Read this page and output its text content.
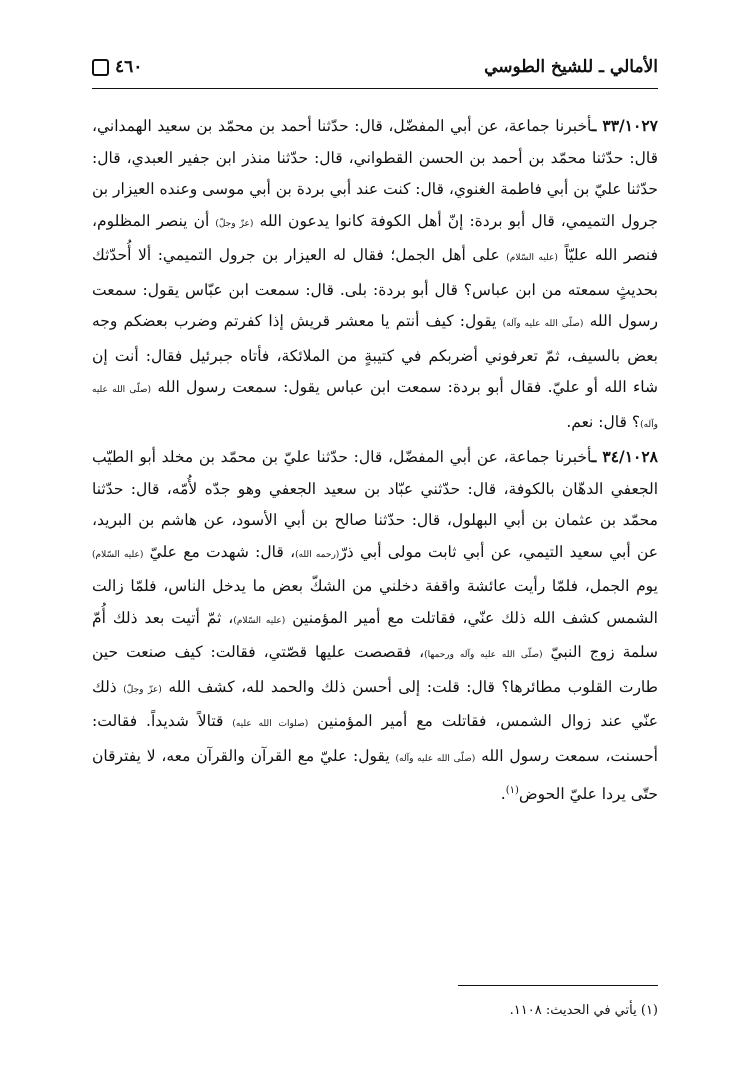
الأمالي ـ للشيخ الطوسي
٤٦٠

٣٣/١٠٢٧ ـأخبرنا جماعة، عن أبي المفضّل، قال: حدّثنا أحمد بن محمّد بن سعيد الهمداني، قال: حدّثنا محمّد بن أحمد بن الحسن القطواني، قال: حدّثنا منذر ابن جفير العبدي، قال: حدّثنا عليّ بن أبي فاطمة الغنوي، قال: كنت عند أبي بردة بن أبي موسى وعنده العيزار بن جرول التميمي، قال أبو بردة: إنّ أهل الكوفة كانوا يدعون الله (عزّ وجلّ) أن ينصر المظلوم، فنصر الله عليّاً (عليه السّلام) على أهل الجمل؛ فقال له العيزار بن جرول التميمي: ألا أُحدّثك بحديثٍ سمعته من ابن عباس؟ قال أبو بردة: بلى. قال: سمعت ابن عبّاس يقول: سمعت رسول الله (صلّى الله عليه وآله) يقول: كيف أنتم يا معشر قريش إذا كفرتم وضرب بعضكم وجه بعض بالسيف، ثمّ تعرفوني أضربكم في كتيبةٍ من الملائكة، فأتاه جبرئيل فقال: أنت إن شاء الله أو عليّ. فقال أبو بردة: سمعت ابن عباس يقول: سمعت رسول الله (صلّى الله عليه وآله)؟ قال: نعم.

٣٤/١٠٢٨ ـأخبرنا جماعة، عن أبي المفضّل، قال: حدّثنا عليّ بن محمّد بن مخلد أبو الطيّب الجعفي الدهّان بالكوفة، قال: حدّثني عبّاد بن سعيد الجعفي وهو جدّه لأُمّه، قال: حدّثنا محمّد بن عثمان بن أبي البهلول، قال: حدّثنا صالح بن أبي الأسود، عن هاشم بن البريد، عن أبي سعيد التيمي، عن أبي ثابت مولى أبي ذرّ(رحمه الله)، قال: شهدت مع عليّ (عليه السّلام) يوم الجمل، فلمّا رأيت عائشة واقفة دخلني من الشكّ بعض ما يدخل الناس، فلمّا زالت الشمس كشف الله ذلك عنّي، فقاتلت مع أمير المؤمنين (عليه السّلام)، ثمّ أتيت بعد ذلك أُمّ سلمة زوج النبيّ (صلّى الله عليه وآله ورحمها)، فقصصت عليها قصّتي، فقالت: كيف صنعت حين طارت القلوب مطائرها؟ قال: قلت: إلى أحسن ذلك والحمد لله، كشف الله (عزّ وجلّ) ذلك عنّي عند زوال الشمس، فقاتلت مع أمير المؤمنين (صلوات الله عليه) قتالاً شديداً. فقالت: أحسنت، سمعت رسول الله (صلّى الله عليه وآله) يقول: عليّ مع القرآن والقرآن معه، لا يفترقان حتّى يردا عليّ الحوض$^{(١)}$.

(١) يأتي في الحديث: ١١٠٨.
